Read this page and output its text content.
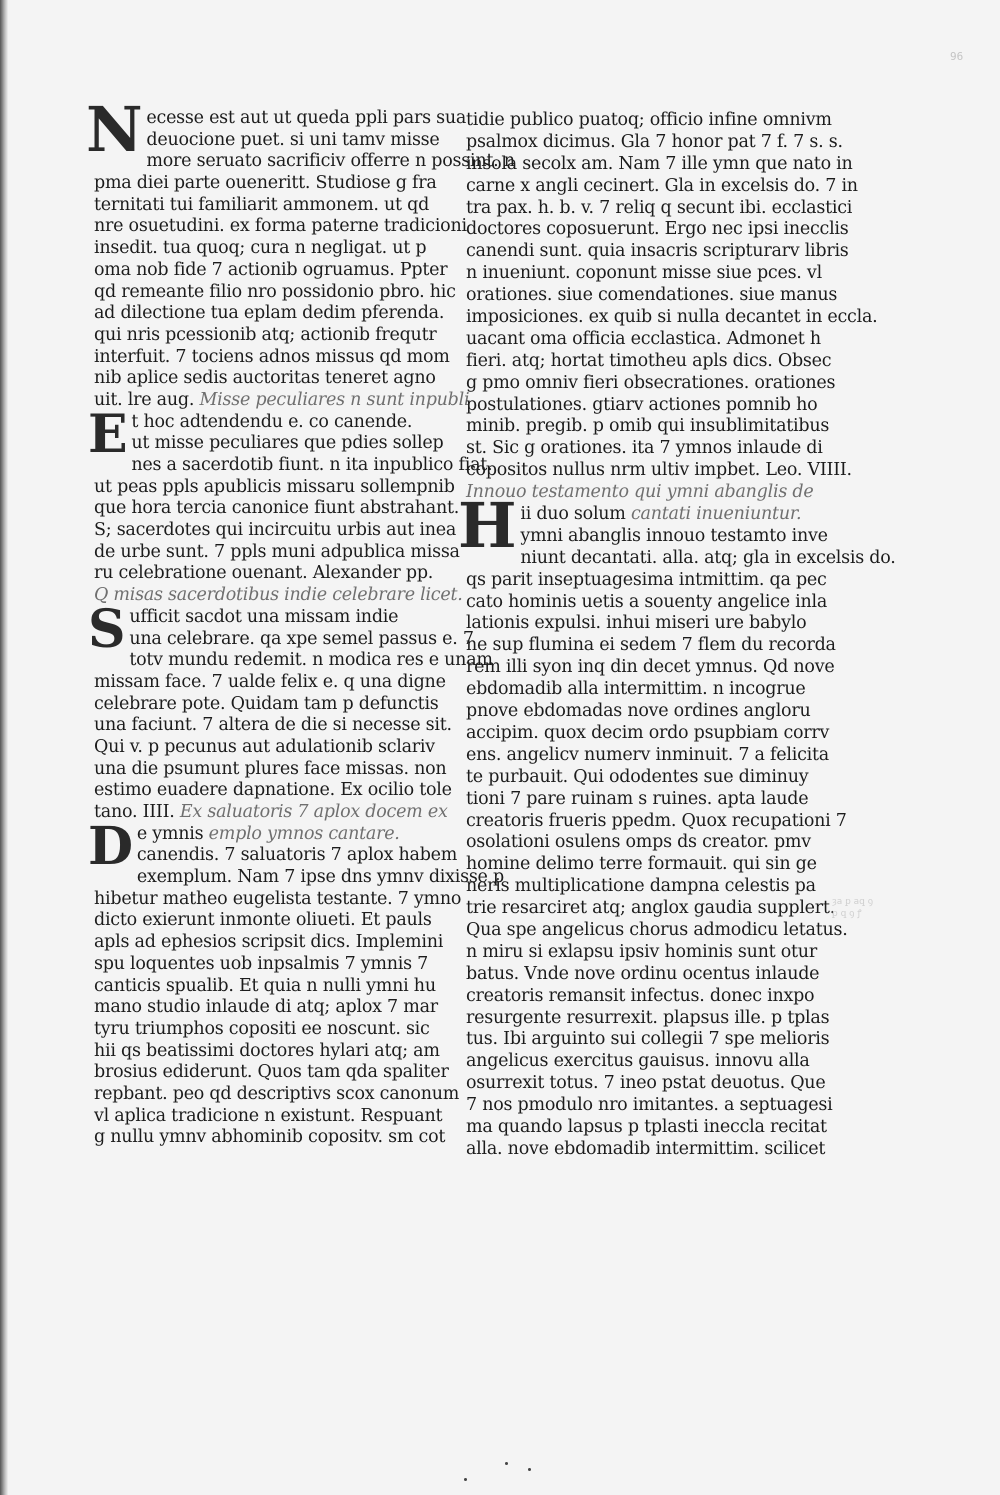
96
Necesse est aut ut queda ppli pars sua
deuocione puet. si uni tamv misse
more seruato sacrificiv offerre n possint. n
pma diei parte oueneritt. Studiose g fra
ternitati tui familiarit ammonem. ut qd
nre osuetudini. ex forma paterne tradicioni
insedit. tua quoq; cura n negligat. ut p
oma nob fide 7 actionib ogruamus. Ppter
qd remeante filio nro possidonio pbro. hic
ad dilectione tua eplam dedim pferenda.
qui nris pcessionib atq; actionib frequtr
interfuit. 7 tociens adnos missus qd mom
nib aplice sedis auctoritas teneret agno
uit. lre aug. Misse peculiares n sunt inpubli
Et hoc adtendendu e. co canende.
ut misse peculiares que pdies sollep
nes a sacerdotib fiunt. n ita inpublico fiat.
ut peas ppls apublicis missaru sollempnib
que hora tercia canonice fiunt abstrahant.
S; sacerdotes qui incircuitu urbis aut inea
de urbe sunt. 7 ppls muni adpublica missa
ru celebratione ouenant. Alexander pp.
Q misas sacerdotibus indie celebrare licet.
Sufficit sacdot una missam indie
una celebrare. qa xpe semel passus e. 7
totv mundu redemit. n modica res e unam
missam face. 7 ualde felix e. q una digne
celebrare pote. Quidam tam p defunctis
una faciunt. 7 altera de die si necesse sit.
Qui v. p pecunus aut adulationib sclariv
una die psumunt plures face missas. non
estimo euadere dapnatione. Ex ocilio tole
tano. IIII. Ex saluatoris 7 aplox docem ex
De ymnis emplo ymnos cantare.
canendis. 7 saluatoris 7 aplox habem
exemplum. Nam 7 ipse dns ymnv dixisse p
hibetur matheo eugelista testante. 7 ymno
dicto exierunt inmonte oliueti. Et pauls
apls ad ephesios scripsit dics. Implemini
spu loquentes uob inpsalmis 7 ymnis 7
canticis spualib. Et quia n nulli ymni hu
mano studio inlaude di atq; aplox 7 mar
tyru triumphos copositi ee noscunt. sic
hii qs beatissimi doctores hylari atq; am
brosius ediderunt. Quos tam qda spaliter
repbant. peo qd descriptivs scox canonum
vl aplica tradicione n existunt. Respuant
g nullu ymnv abhominib copositv. sm cot
tidie publico puatoq; officio infine omnivm
psalmox dicimus. Gla 7 honor pat 7 f. 7 s. s.
insola secolx am. Nam 7 ille ymn que nato in
carne x angli cecinert. Gla in excelsis do. 7 in
tra pax. h. b. v. 7 reliq q secunt ibi. ecclastici
doctores coposuerunt. Ergo nec ipsi inecclis
canendi sunt. quia insacris scripturarv libris
n inueniunt. coponunt misse siue pces. vl
orationes. siue comendationes. siue manus
imposiciones. ex quib si nulla decantet in eccla.
uacant oma officia ecclastica. Admonet h
fieri. atq; hortat timotheu apls dics. Obsec
g pmo omniv fieri obsecrationes. orationes
postulationes. gtiarv actiones pomnib ho
minib. pregib. p omib qui insublimitatibus
st. Sic g orationes. ita 7 ymnos inlaude di
copositos nullus nrm ultiv impbet. Leo. VIIII.
Innouo testamento qui ymni abanglis de
Hii duo solum cantati inueniuntur.
ymni abanglis innouo testamto inve
niunt decantati. alla. atq; gla in excelsis do.
qs parit inseptuagesima intmittim. qa pec
cato hominis uetis a souenty angelice inla
lationis expulsi. inhui miseri ure babylo
ne sup flumina ei sedem 7 flem du recorda
rem illi syon inq din decet ymnus. Qd nove
ebdomadib alla intermittim. n incogrue
pnove ebdomadas nove ordines angloru
accipim. quox decim ordo psupbiam corrv
ens. angelicv numerv inminuit. 7 a felicita
te purbauit. Qui ododentes sue diminuy
tioni 7 pare ruinam s ruines. apta laude
creatoris frueris ppedm. Quox recupationi 7
osolationi osulens omps ds creator. pmv
homine delimo terre formauit. qui sin ge
neris multiplicatione dampna celestis pa
trie resarciret atq; anglox gaudia supplert.
Qua spe angelicus chorus admodicu letatus.
n miru si exlapsu ipsiv hominis sunt otur
batus. Vnde nove ordinu ocentus inlaude
creatoris remansit infectus. donec inxpo
resurgente resurrexit. plapsus ille. p tplas
tus. Ibi arguinto sui collegii 7 spe melioris
angelicus exercitus gauisus. innovu alla
osurrexit totus. 7 ineo pstat deuotus. Que
7 nos pmodulo nro imitantes. a septuagesi
ma quando lapsus p tplasti ineccla recitat
alla. nove ebdomadib intermittim. scilicet
ȝa ꝑ aꝗ ꝯ
ꝑ ꝗ ꝯ ꝭ
